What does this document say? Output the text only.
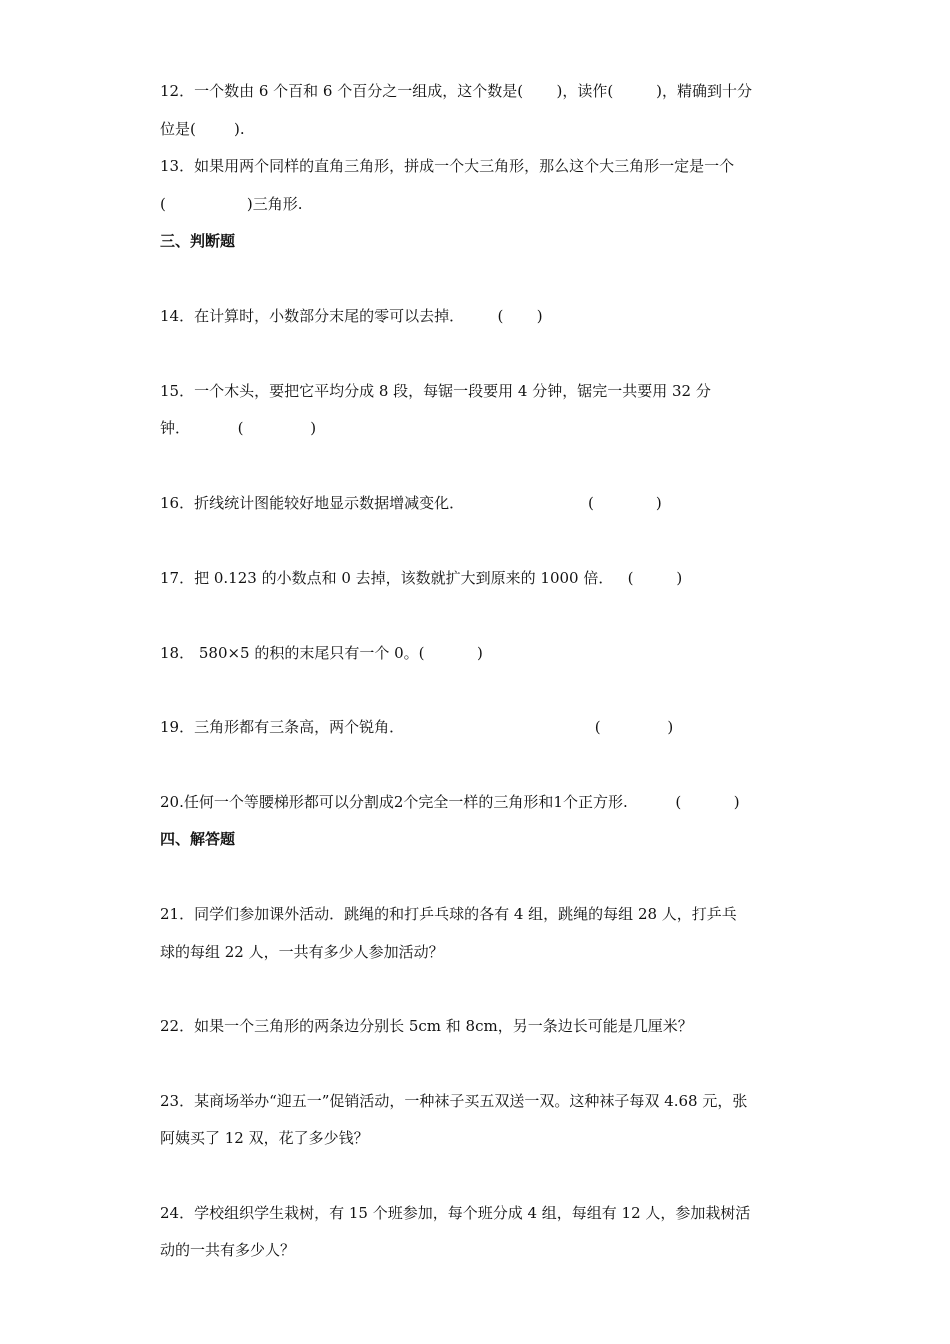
12．一个数由 6 个百和 6 个百分之一组成，这个数是(       )，读作(         )，精确到十分
位是(        ).
13．如果用两个同样的直角三角形，拼成一个大三角形，那么这个大三角形一定是一个
(                 )三角形.
三、判断题
14．在计算时，小数部分末尾的零可以去掉．       (       )
15．一个木头，要把它平均分成 8 段，每锯一段要用 4 分钟，锯完一共要用 32 分
钟．          (              )
16．折线统计图能较好地显示数据增减变化．                          (             )
17．把 0.123 的小数点和 0 去掉，该数就扩大到原来的 1000 倍．   (         )
18． 580×5 的积的末尾只有一个 0。(           )
19．三角形都有三条高，两个锐角．                                        (              )
20.任何一个等腰梯形都可以分割成2个完全一样的三角形和1个正方形.          (           )
四、解答题
21．同学们参加课外活动．跳绳的和打乒乓球的各有 4 组，跳绳的每组 28 人，打乒乓
球的每组 22 人，一共有多少人参加活动？
22．如果一个三角形的两条边分别长 5cm 和 8cm，另一条边长可能是几厘米？
23．某商场举办“迎五一”促销活动，一种袜子买五双送一双。这种袜子每双 4.68 元，张
阿姨买了 12 双，花了多少钱？
24．学校组织学生栽树，有 15 个班参加，每个班分成 4 组，每组有 12 人，参加栽树活
动的一共有多少人？
